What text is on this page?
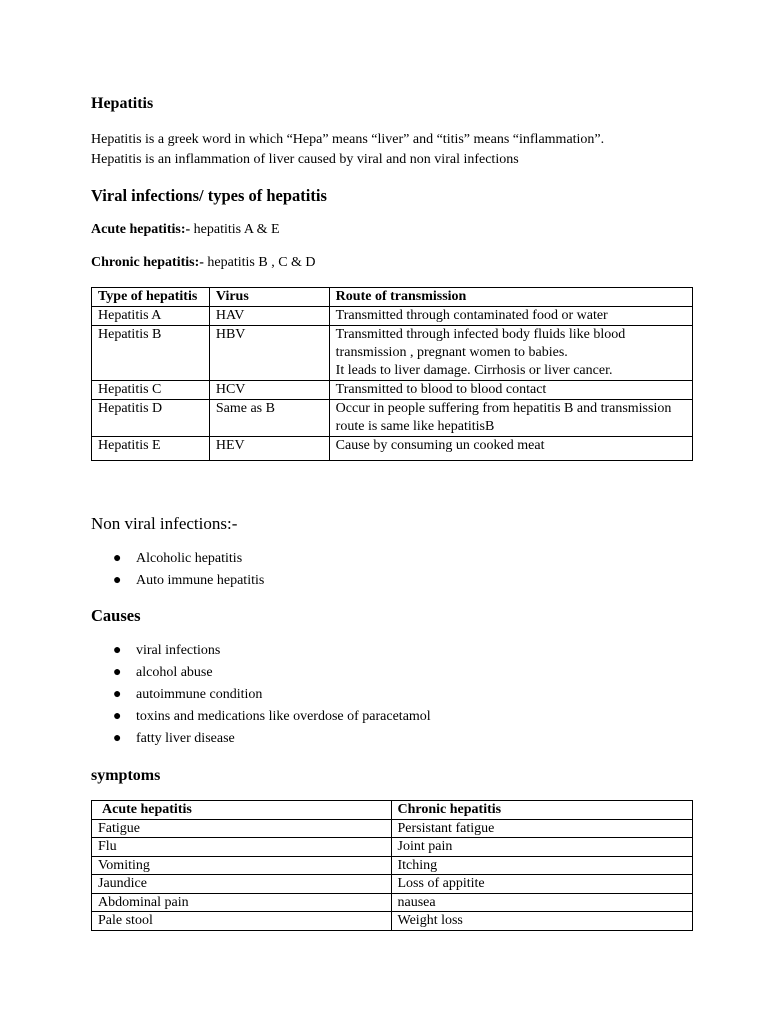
Hepatitis

Hepatitis is a greek word in which “Hepa” means “liver” and “titis” means “inflammation”.

Hepatitis is an inflammation of liver caused by viral and non viral infections

Viral infections/ types of hepatitis

Acute hepatitis:- hepatitis A & E

Chronic hepatitis:- hepatitis B , C & D

Type of hepatitis	Virus	Route of transmission
Hepatitis A	HAV	Transmitted through contaminated food or water
Hepatitis B	HBV	Transmitted through infected body fluids like blood transmission , pregnant women to babies.
It leads to liver damage. Cirrhosis or liver cancer.

Hepatitis C	HCV	Transmitted to blood to blood contact
Hepatitis D	Same as B	Occur in people suffering from hepatitis B and transmission route is same like hepatitisB
Hepatitis E	HEV	Cause by consuming un cooked meat
Non viral infections:-
● Alcoholic hepatitis
● Auto immune hepatitis
Causes
● viral infections
● alcohol abuse
● autoimmune condition
● toxins and medications like overdose of paracetamol
● fatty liver disease
symptoms
Acute hepatitis	Chronic hepatitis
Fatigue	Persistant fatigue
Flu	Joint pain
Vomiting	Itching
Jaundice	Loss of appitite
Abdominal pain	nausea
Pale stool	Weight loss
